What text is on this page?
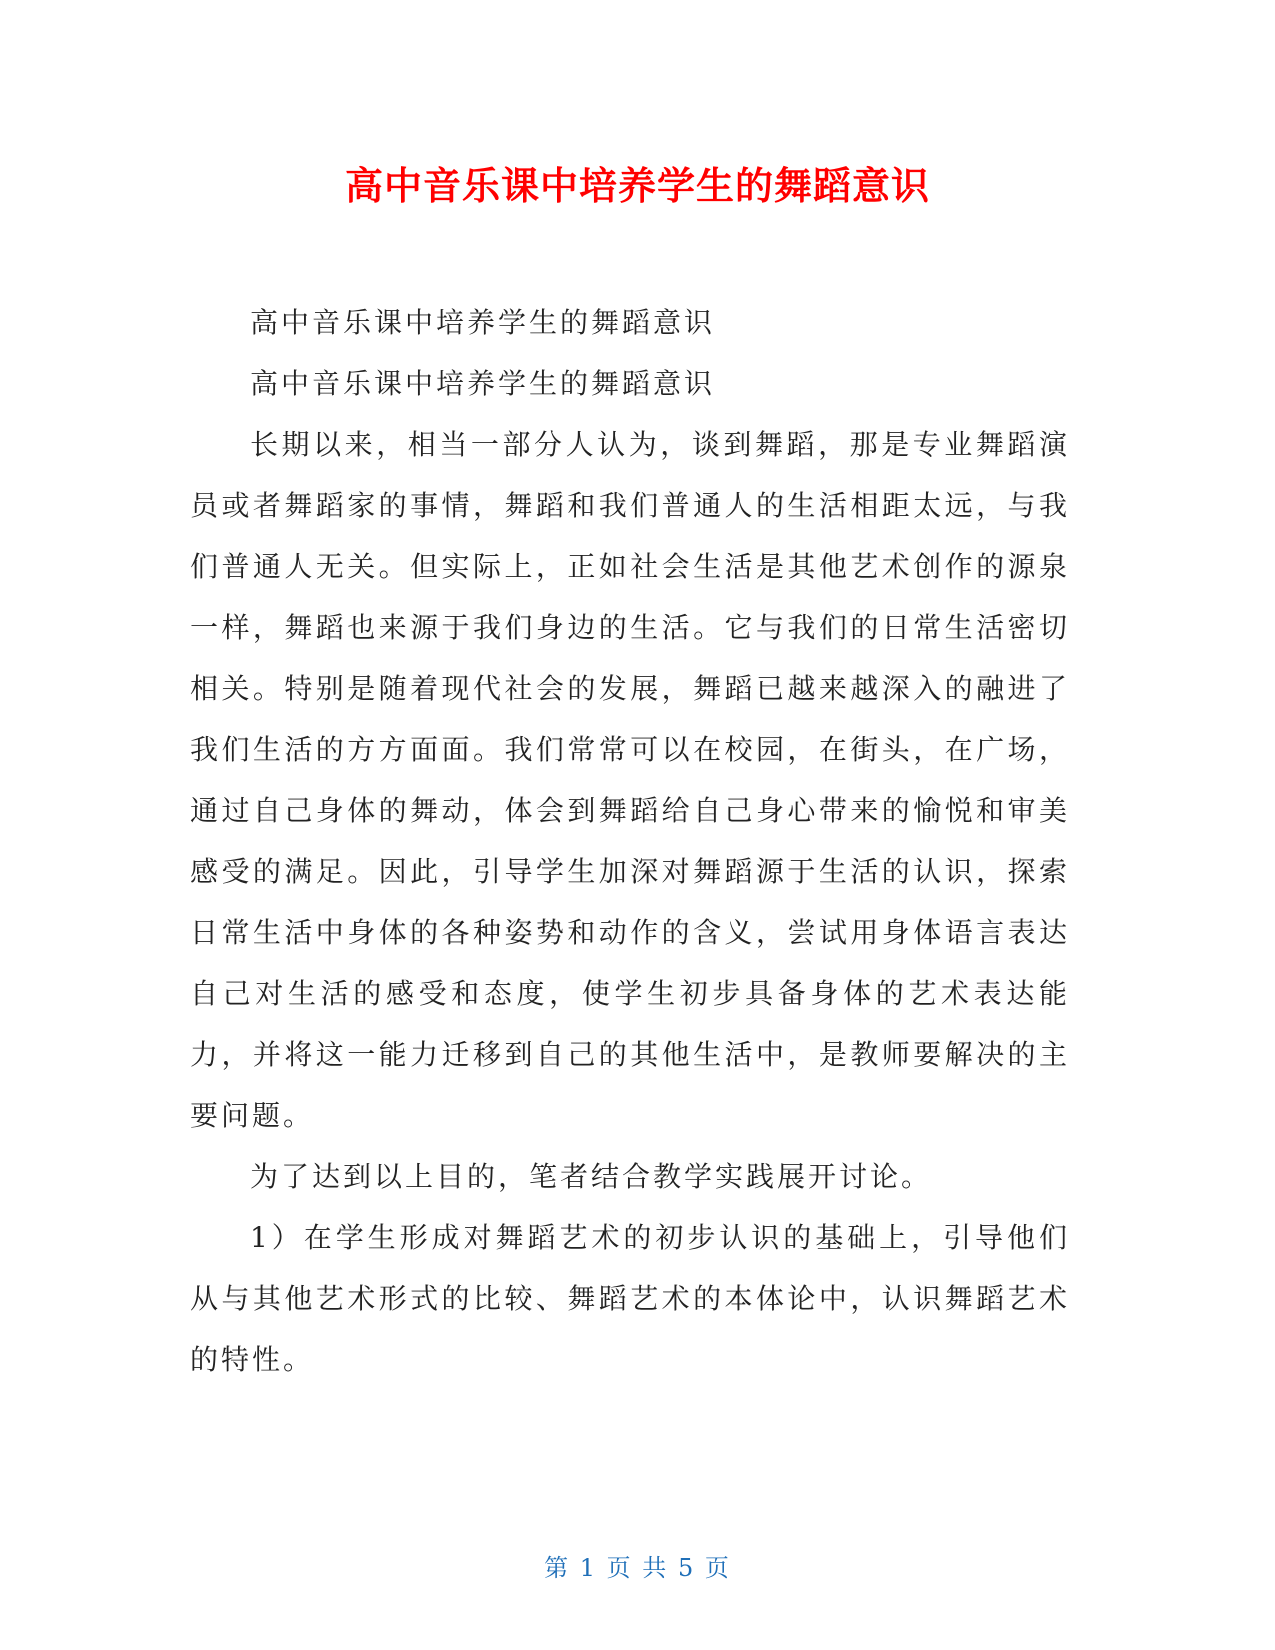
高中音乐课中培养学生的舞蹈意识

高中音乐课中培养学生的舞蹈意识

高中音乐课中培养学生的舞蹈意识

长期以来，相当一部分人认为，谈到舞蹈，那是专业舞蹈演员或者舞蹈家的事情，舞蹈和我们普通人的生活相距太远，与我们普通人无关。但实际上，正如社会生活是其他艺术创作的源泉一样，舞蹈也来源于我们身边的生活。它与我们的日常生活密切相关。特别是随着现代社会的发展，舞蹈已越来越深入的融进了我们生活的方方面面。我们常常可以在校园，在街头，在广场，通过自己身体的舞动，体会到舞蹈给自己身心带来的愉悦和审美感受的满足。因此，引导学生加深对舞蹈源于生活的认识，探索日常生活中身体的各种姿势和动作的含义，尝试用身体语言表达自己对生活的感受和态度，使学生初步具备身体的艺术表达能力，并将这一能力迁移到自己的其他生活中，是教师要解决的主要问题。

为了达到以上目的，笔者结合教学实践展开讨论。

1）在学生形成对舞蹈艺术的初步认识的基础上，引导他们从与其他艺术形式的比较、舞蹈艺术的本体论中，认识舞蹈艺术的特性。

第 1 页 共 5 页
